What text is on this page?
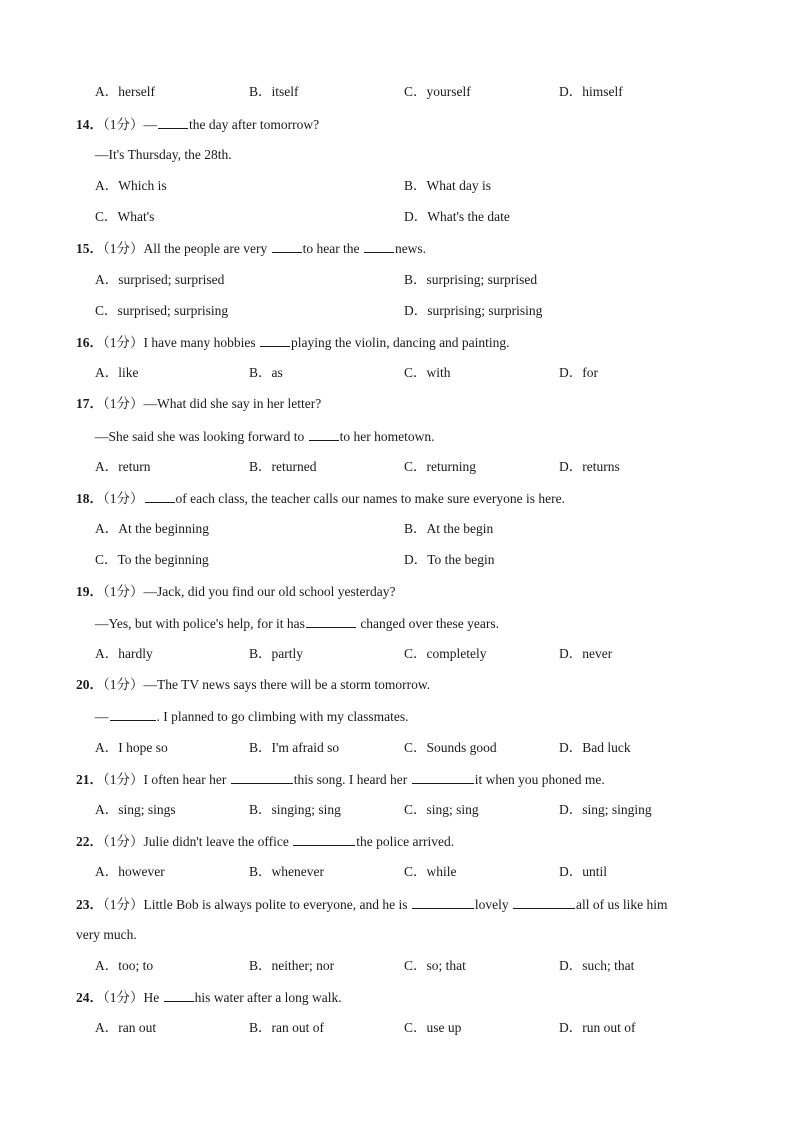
A．herself	B．itself	C．yourself	D．himself
14．（1分）— the day after tomorrow?
—It's Thursday, the 28th.
A．Which is	B．What day is
C．What's	D．What's the date
15．（1分）All the people are very to hear the news.
A．surprised; surprised	B．surprising; surprised
C．surprised; surprising	D．surprising; surprising
16．（1分）I have many hobbies playing the violin, dancing and painting.
A．like	B．as	C．with	D．for
17．（1分）—What did she say in her letter?
—She said she was looking forward to to her hometown.
A．return	B．returned	C．returning	D．returns
18．（1分） of each class, the teacher calls our names to make sure everyone is here.
A．At the beginning	B．At the begin
C．To the beginning	D．To the begin
19．（1分）—Jack, did you find our old school yesterday?
—Yes, but with police's help, for it has	changed over these years.
A．hardly	B．partly	C．completely	D．never
20．（1分）—The TV news says there will be a storm tomorrow.
—	. I planned to go climbing with my classmates.
A．I hope so	B．I'm afraid so	C．Sounds good	D．Bad luck
21．（1分）I often hear her	this song. I heard her	it when you phoned me.
A．sing; sings	B．singing; sing	C．sing; sing	D．sing; singing
22．（1分）Julie didn't leave the office	the police arrived.
A．however	B．whenever	C．while	D．until
23．（1分）Little Bob is always polite to everyone, and he is	lovely	all of us like him
very much.
A．too; to	B．neither; nor	C．so; that	D．such; that
24．（1分）He his water after a long walk.
A．ran out	B．ran out of	C．use up	D．run out of
